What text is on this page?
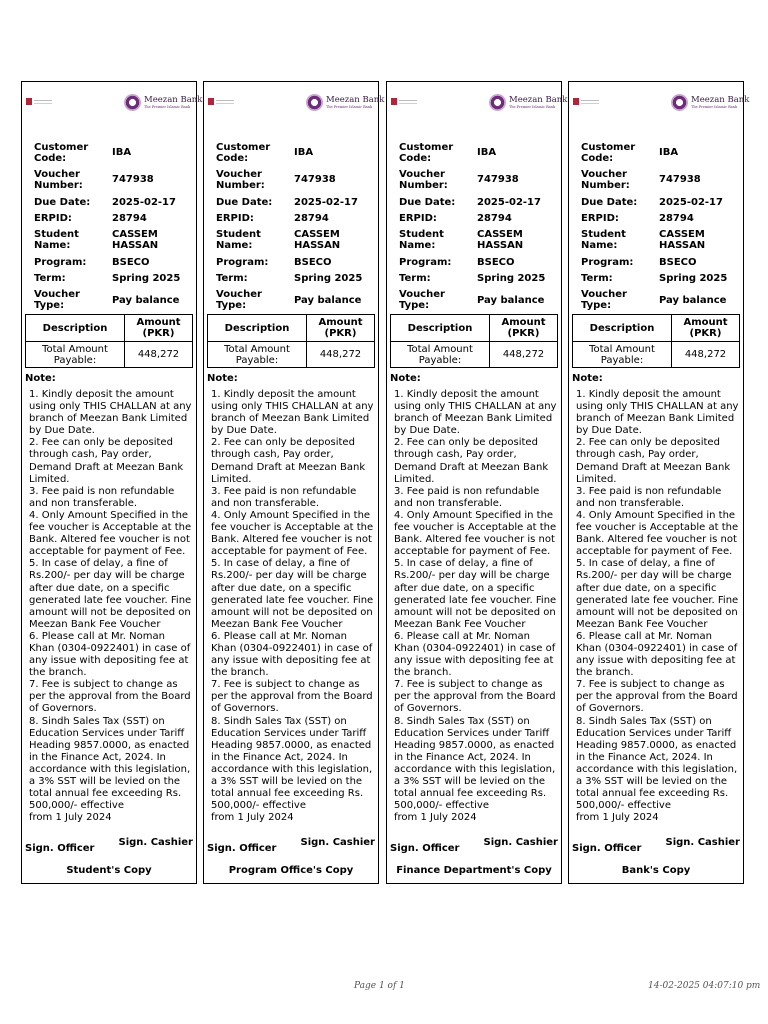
Meezan Bank
The Premier Islamic Bank
Customer Code:	IBA
Voucher Number:	747938
Due Date:	2025-02-17
ERPID:	28794
Student Name:	CASSEM HASSAN
Program:	BSECO
Term:	Spring 2025
Voucher Type:	Pay balance
Description	Amount (PKR)
Total Amount Payable:	448,272
Note:
1. Kindly deposit the amount using only THIS CHALLAN at any branch of Meezan Bank Limited by Due Date.
2. Fee can only be deposited through cash, Pay order, Demand Draft at Meezan Bank Limited.
3. Fee paid is non refundable and non transferable.
4. Only Amount Specified in the fee voucher is Acceptable at the Bank. Altered fee voucher is not acceptable for payment of Fee.
5. In case of delay, a fine of Rs.200/- per day will be charge after due date, on a specific generated late fee voucher. Fine amount will not be deposited on Meezan Bank Fee Voucher
6. Please call at Mr. Noman Khan (0304-0922401) in case of any issue with depositing fee at the branch.
7. Fee is subject to change as per the approval from the Board of Governors.
8. Sindh Sales Tax (SST) on Education Services under Tariff Heading 9857.0000, as enacted in the Finance Act, 2024. In accordance with this legislation, a 3% SST will be levied on the total annual fee exceeding Rs. 500,000/- effective
from 1 July 2024
Sign. Officer
Sign. Cashier
Student's Copy
Meezan Bank
The Premier Islamic Bank
Customer Code:	IBA
Voucher Number:	747938
Due Date:	2025-02-17
ERPID:	28794
Student Name:	CASSEM HASSAN
Program:	BSECO
Term:	Spring 2025
Voucher Type:	Pay balance
Description	Amount (PKR)
Total Amount Payable:	448,272
Note:
1. Kindly deposit the amount using only THIS CHALLAN at any branch of Meezan Bank Limited by Due Date.
2. Fee can only be deposited through cash, Pay order, Demand Draft at Meezan Bank Limited.
3. Fee paid is non refundable and non transferable.
4. Only Amount Specified in the fee voucher is Acceptable at the Bank. Altered fee voucher is not acceptable for payment of Fee.
5. In case of delay, a fine of Rs.200/- per day will be charge after due date, on a specific generated late fee voucher. Fine amount will not be deposited on Meezan Bank Fee Voucher
6. Please call at Mr. Noman Khan (0304-0922401) in case of any issue with depositing fee at the branch.
7. Fee is subject to change as per the approval from the Board of Governors.
8. Sindh Sales Tax (SST) on Education Services under Tariff Heading 9857.0000, as enacted in the Finance Act, 2024. In accordance with this legislation, a 3% SST will be levied on the total annual fee exceeding Rs. 500,000/- effective
from 1 July 2024
Sign. Officer
Sign. Cashier
Program Office's Copy
Meezan Bank
The Premier Islamic Bank
Customer Code:	IBA
Voucher Number:	747938
Due Date:	2025-02-17
ERPID:	28794
Student Name:	CASSEM HASSAN
Program:	BSECO
Term:	Spring 2025
Voucher Type:	Pay balance
Description	Amount (PKR)
Total Amount Payable:	448,272
Note:
1. Kindly deposit the amount using only THIS CHALLAN at any branch of Meezan Bank Limited by Due Date.
2. Fee can only be deposited through cash, Pay order, Demand Draft at Meezan Bank Limited.
3. Fee paid is non refundable and non transferable.
4. Only Amount Specified in the fee voucher is Acceptable at the Bank. Altered fee voucher is not acceptable for payment of Fee.
5. In case of delay, a fine of Rs.200/- per day will be charge after due date, on a specific generated late fee voucher. Fine amount will not be deposited on Meezan Bank Fee Voucher
6. Please call at Mr. Noman Khan (0304-0922401) in case of any issue with depositing fee at the branch.
7. Fee is subject to change as per the approval from the Board of Governors.
8. Sindh Sales Tax (SST) on Education Services under Tariff Heading 9857.0000, as enacted in the Finance Act, 2024. In accordance with this legislation, a 3% SST will be levied on the total annual fee exceeding Rs. 500,000/- effective
from 1 July 2024
Sign. Officer
Sign. Cashier
Finance Department's Copy
Meezan Bank
The Premier Islamic Bank
Customer Code:	IBA
Voucher Number:	747938
Due Date:	2025-02-17
ERPID:	28794
Student Name:	CASSEM HASSAN
Program:	BSECO
Term:	Spring 2025
Voucher Type:	Pay balance
Description	Amount (PKR)
Total Amount Payable:	448,272
Note:
1. Kindly deposit the amount using only THIS CHALLAN at any branch of Meezan Bank Limited by Due Date.
2. Fee can only be deposited through cash, Pay order, Demand Draft at Meezan Bank Limited.
3. Fee paid is non refundable and non transferable.
4. Only Amount Specified in the fee voucher is Acceptable at the Bank. Altered fee voucher is not acceptable for payment of Fee.
5. In case of delay, a fine of Rs.200/- per day will be charge after due date, on a specific generated late fee voucher. Fine amount will not be deposited on Meezan Bank Fee Voucher
6. Please call at Mr. Noman Khan (0304-0922401) in case of any issue with depositing fee at the branch.
7. Fee is subject to change as per the approval from the Board of Governors.
8. Sindh Sales Tax (SST) on Education Services under Tariff Heading 9857.0000, as enacted in the Finance Act, 2024. In accordance with this legislation, a 3% SST will be levied on the total annual fee exceeding Rs. 500,000/- effective
from 1 July 2024
Sign. Officer
Sign. Cashier
Bank's Copy
Page 1 of 1	14-02-2025 04:07:10 pm
